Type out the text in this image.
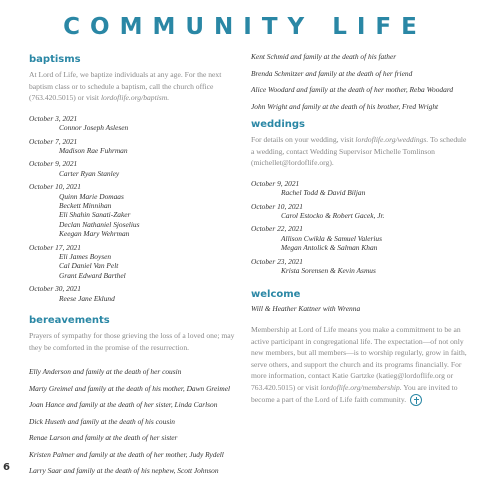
COMMUNITY LIFE
baptisms

At Lord of Life, we baptize individuals at any age. For the next baptism class or to schedule a baptism, call the church office (763.420.5015) or visit lordoflife.org/baptism.

October 3, 2021
Connor Joseph Aslesen
October 7, 2021
Madison Rae Fuhrman
October 9, 2021
Carter Ryan Stanley
October 10, 2021
Quinn Marie Domaas
Beckett Minnihan
Eli Shahin Sanati-Zaker
Declan Nathaniel Sjoselius
Keegan Mary Wehrman
October 17, 2021
Eli James Boysen
Cal Daniel Van Pelt
Grant Edward Barthel
October 30, 2021
Reese Jane Eklund
bereavements

Prayers of sympathy for those grieving the loss of a loved one; may they be comforted in the promise of the resurrection.

Elly Anderson and family at the death of her cousin

Marty Greimel and family at the death of his mother, Dawn Greimel

Joan Hance and family at the death of her sister, Linda Carlson

Dick Huseth and family at the death of his cousin

Renae Larson and family at the death of her sister

Kristen Palmer and family at the death of her mother, Judy Rydell

Larry Saar and family at the death of his nephew, Scott Johnson

Kent Schmid and family at the death of his father

Brenda Schmitzer and family at the death of her friend

Alice Woodard and family at the death of her mother, Reba Woodard

John Wright and family at the death of his brother, Fred Wright

weddings

For details on your wedding, visit lordoflife.org/weddings. To schedule a wedding, contact Wedding Supervisor Michelle Tomlinson (michellet@lordoflife.org).

October 9, 2021
Rachel Todd & David Biljan
October 10, 2021
Carol Estocko & Robert Gacek, Jr.
October 22, 2021
Allison Cwikla & Samuel Valerius
Megan Antolick & Salman Khan
October 23, 2021
Krista Sorensen & Kevin Asmus
welcome

Will & Heather Kattner with Wrenna

Membership at Lord of Life means you make a commitment to be an active participant in congregational life. The expectation—of not only new members, but all members—is to worship regularly, grow in faith, serve others, and support the church and its programs financially. For more information, contact Katie Gartzke (katieg@lordoflife.org or 763.420.5015) or visit lordoflife.org/membership. You are invited to become a part of the Lord of Life faith community.

6
